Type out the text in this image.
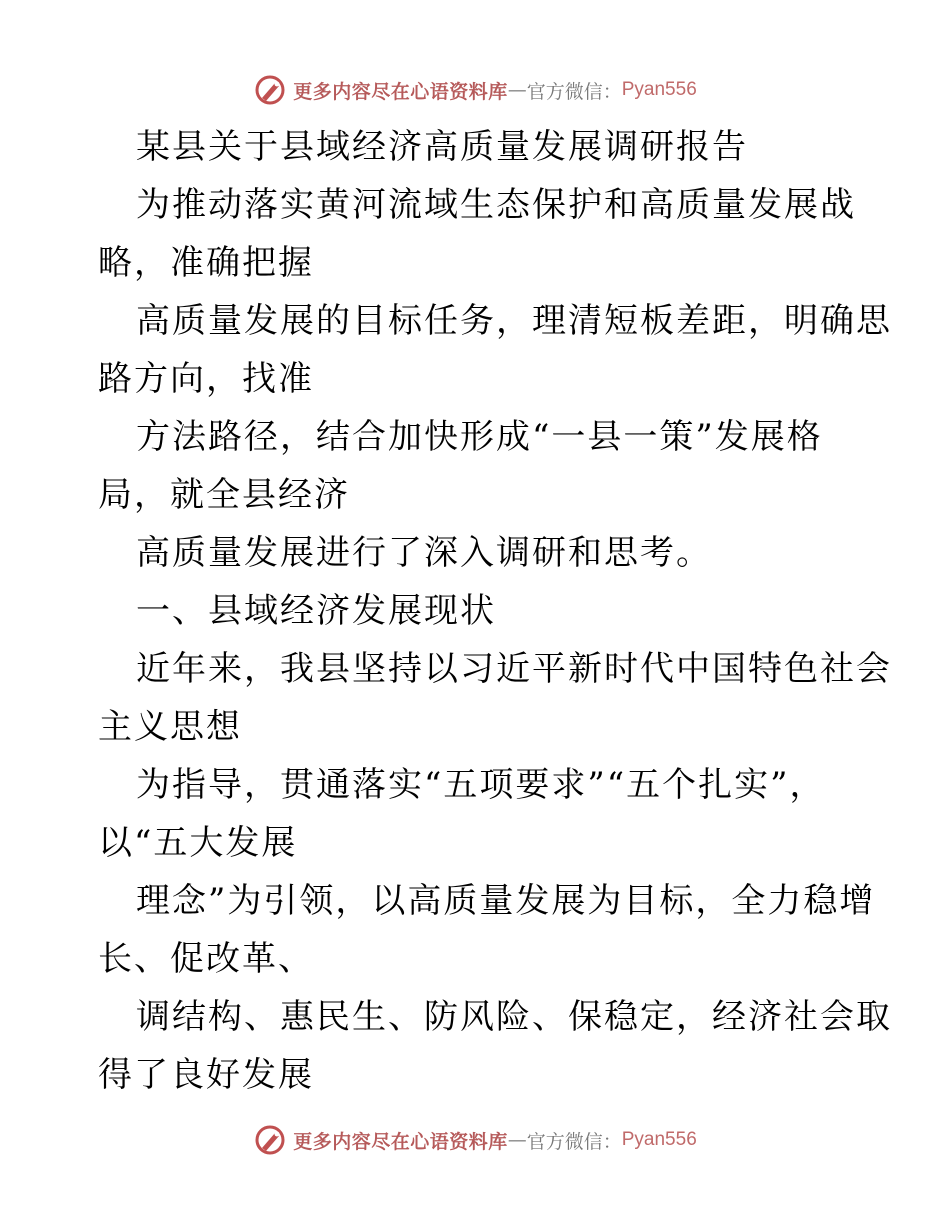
更多内容尽在心语资料库 — 官方微信： Pyan556
某县关于县域经济高质量发展调研报告
为推动落实黄河流域生态保护和高质量发展战
略，准确把握
高质量发展的目标任务，理清短板差距，明确思
路方向，找准
方法路径，结合加快形成“一县一策”发展格
局，就全县经济
高质量发展进行了深入调研和思考。
一、县域经济发展现状
近年来，我县坚持以习近平新时代中国特色社会
主义思想
为指导，贯通落实“五项要求”“五个扎实”，
以“五大发展
理念”为引领，以高质量发展为目标，全力稳增
长、促改革、
调结构、惠民生、防风险、保稳定，经济社会取
得了良好发展
更多内容尽在心语资料库 — 官方微信： Pyan556
